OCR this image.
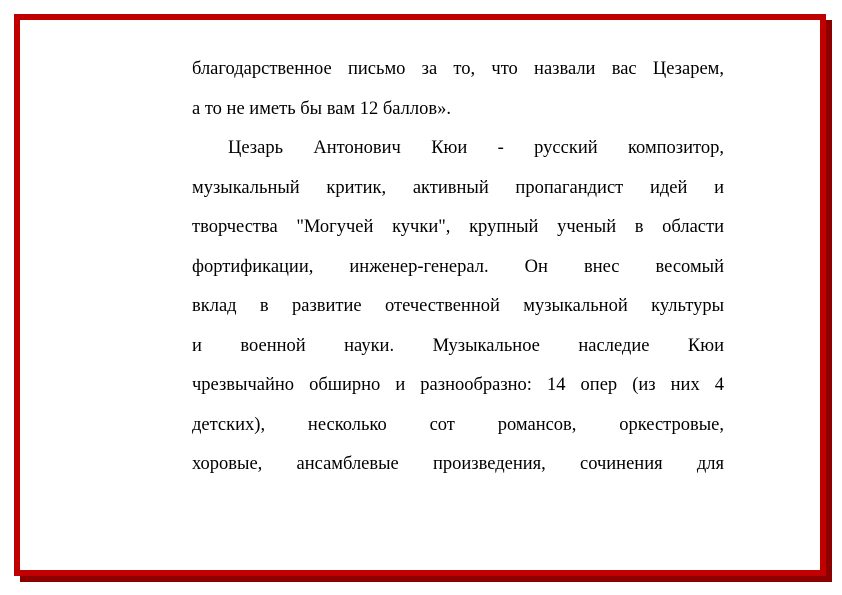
благодарственное письмо за то, что назвали вас Цезарем,
а то не иметь бы вам 12 баллов».
Цезарь Антонович Кюи - русский композитор,
музыкальный критик, активный пропагандист идей и
творчества "Могучей кучки", крупный ученый в области
фортификации, инженер-генерал. Он внес весомый
вклад в развитие отечественной музыкальной культуры
и военной науки. Музыкальное наследие Кюи
чрезвычайно обширно и разнообразно: 14 опер (из них 4
детских), несколько сот романсов, оркестровые,
хоровые, ансамблевые произведения, сочинения для
